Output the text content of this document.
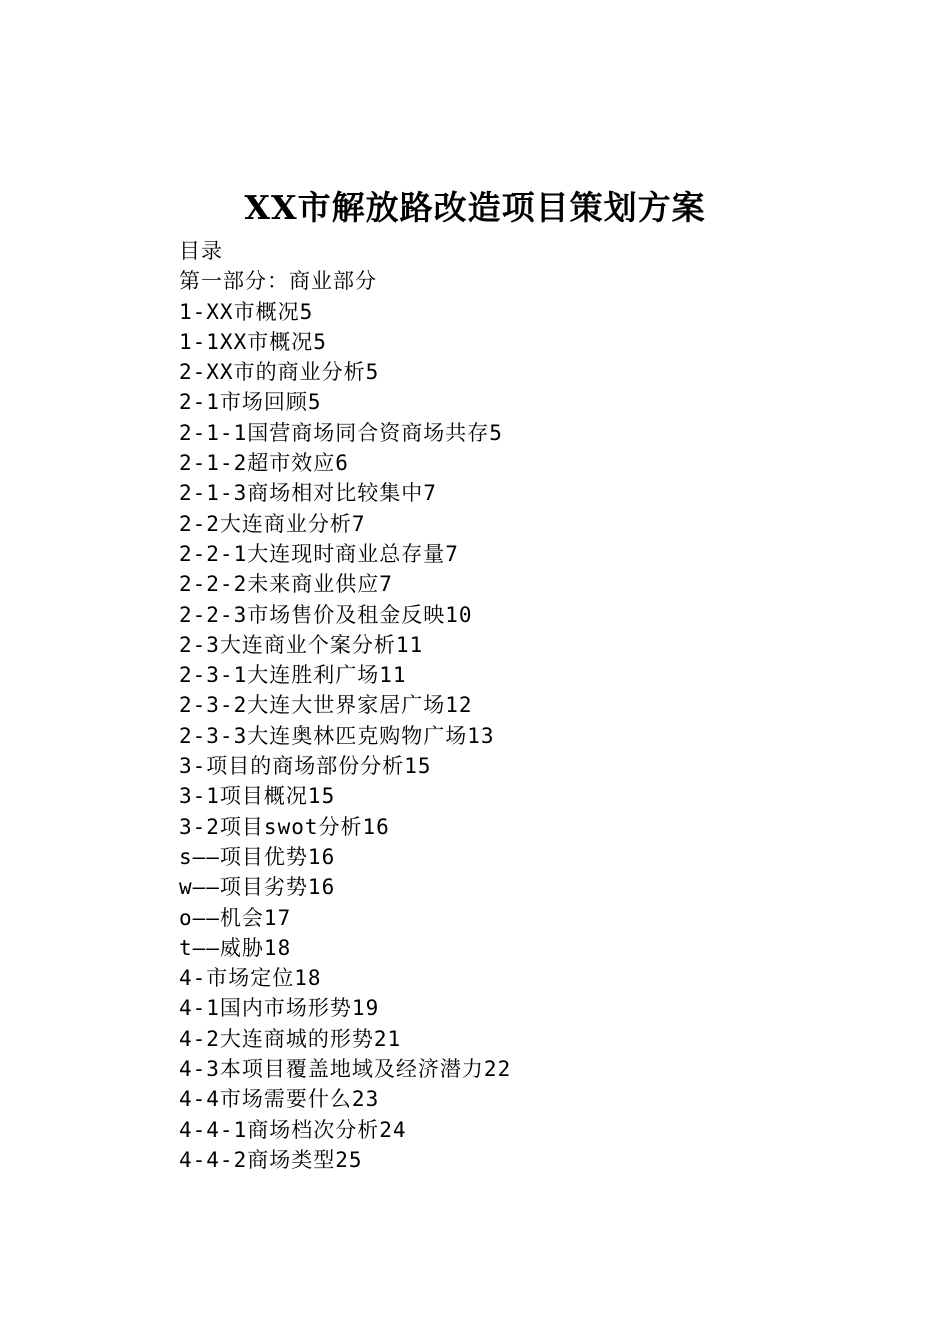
XX市解放路改造项目策划方案
目录
第一部分：商业部分
1-XX市概况5
1-1XX市概况5
2-XX市的商业分析5
2-1市场回顾5
2-1-1国营商场同合资商场共存5
2-1-2超市效应6
2-1-3商场相对比较集中7
2-2大连商业分析7
2-2-1大连现时商业总存量7
2-2-2未来商业供应7
2-2-3市场售价及租金反映10
2-3大连商业个案分析11
2-3-1大连胜利广场11
2-3-2大连大世界家居广场12
2-3-3大连奥林匹克购物广场13
3-项目的商场部份分析15
3-1项目概况15
3-2项目swot分析16
s——项目优势16
w——项目劣势16
o——机会17
t——威胁18
4-市场定位18
4-1国内市场形势19
4-2大连商城的形势21
4-3本项目覆盖地域及经济潜力22
4-4市场需要什么23
4-4-1商场档次分析24
4-4-2商场类型25
